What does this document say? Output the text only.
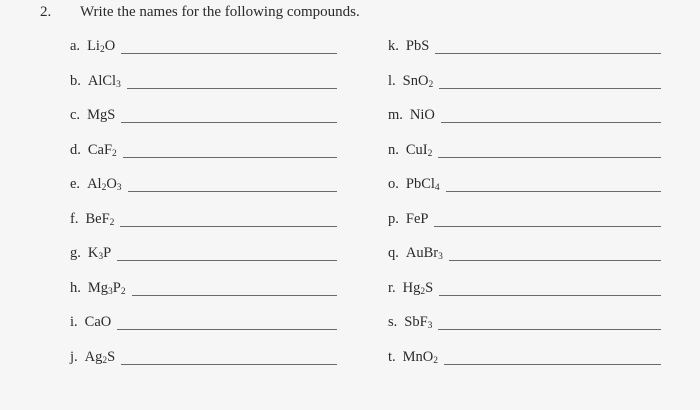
2. Write the names for the following compounds.
a. $Li_2O$
b. AlCl$_3$
c. MgS
d. CaF$_2$
e. $Al_2O_3$
f. BeF$_2$
g. $K_3P$
h. $Mg_3P_2$
i. CaO
j. $Ag_2S$
k. PbS
l. SnO$_2$
m. NiO
n. CuI$_2$
o. PbCl$_4$
p. FeP
q. AuBr$_3$
r. $Hg_2S$
s. SbF$_3$
t. MnO$_2$
